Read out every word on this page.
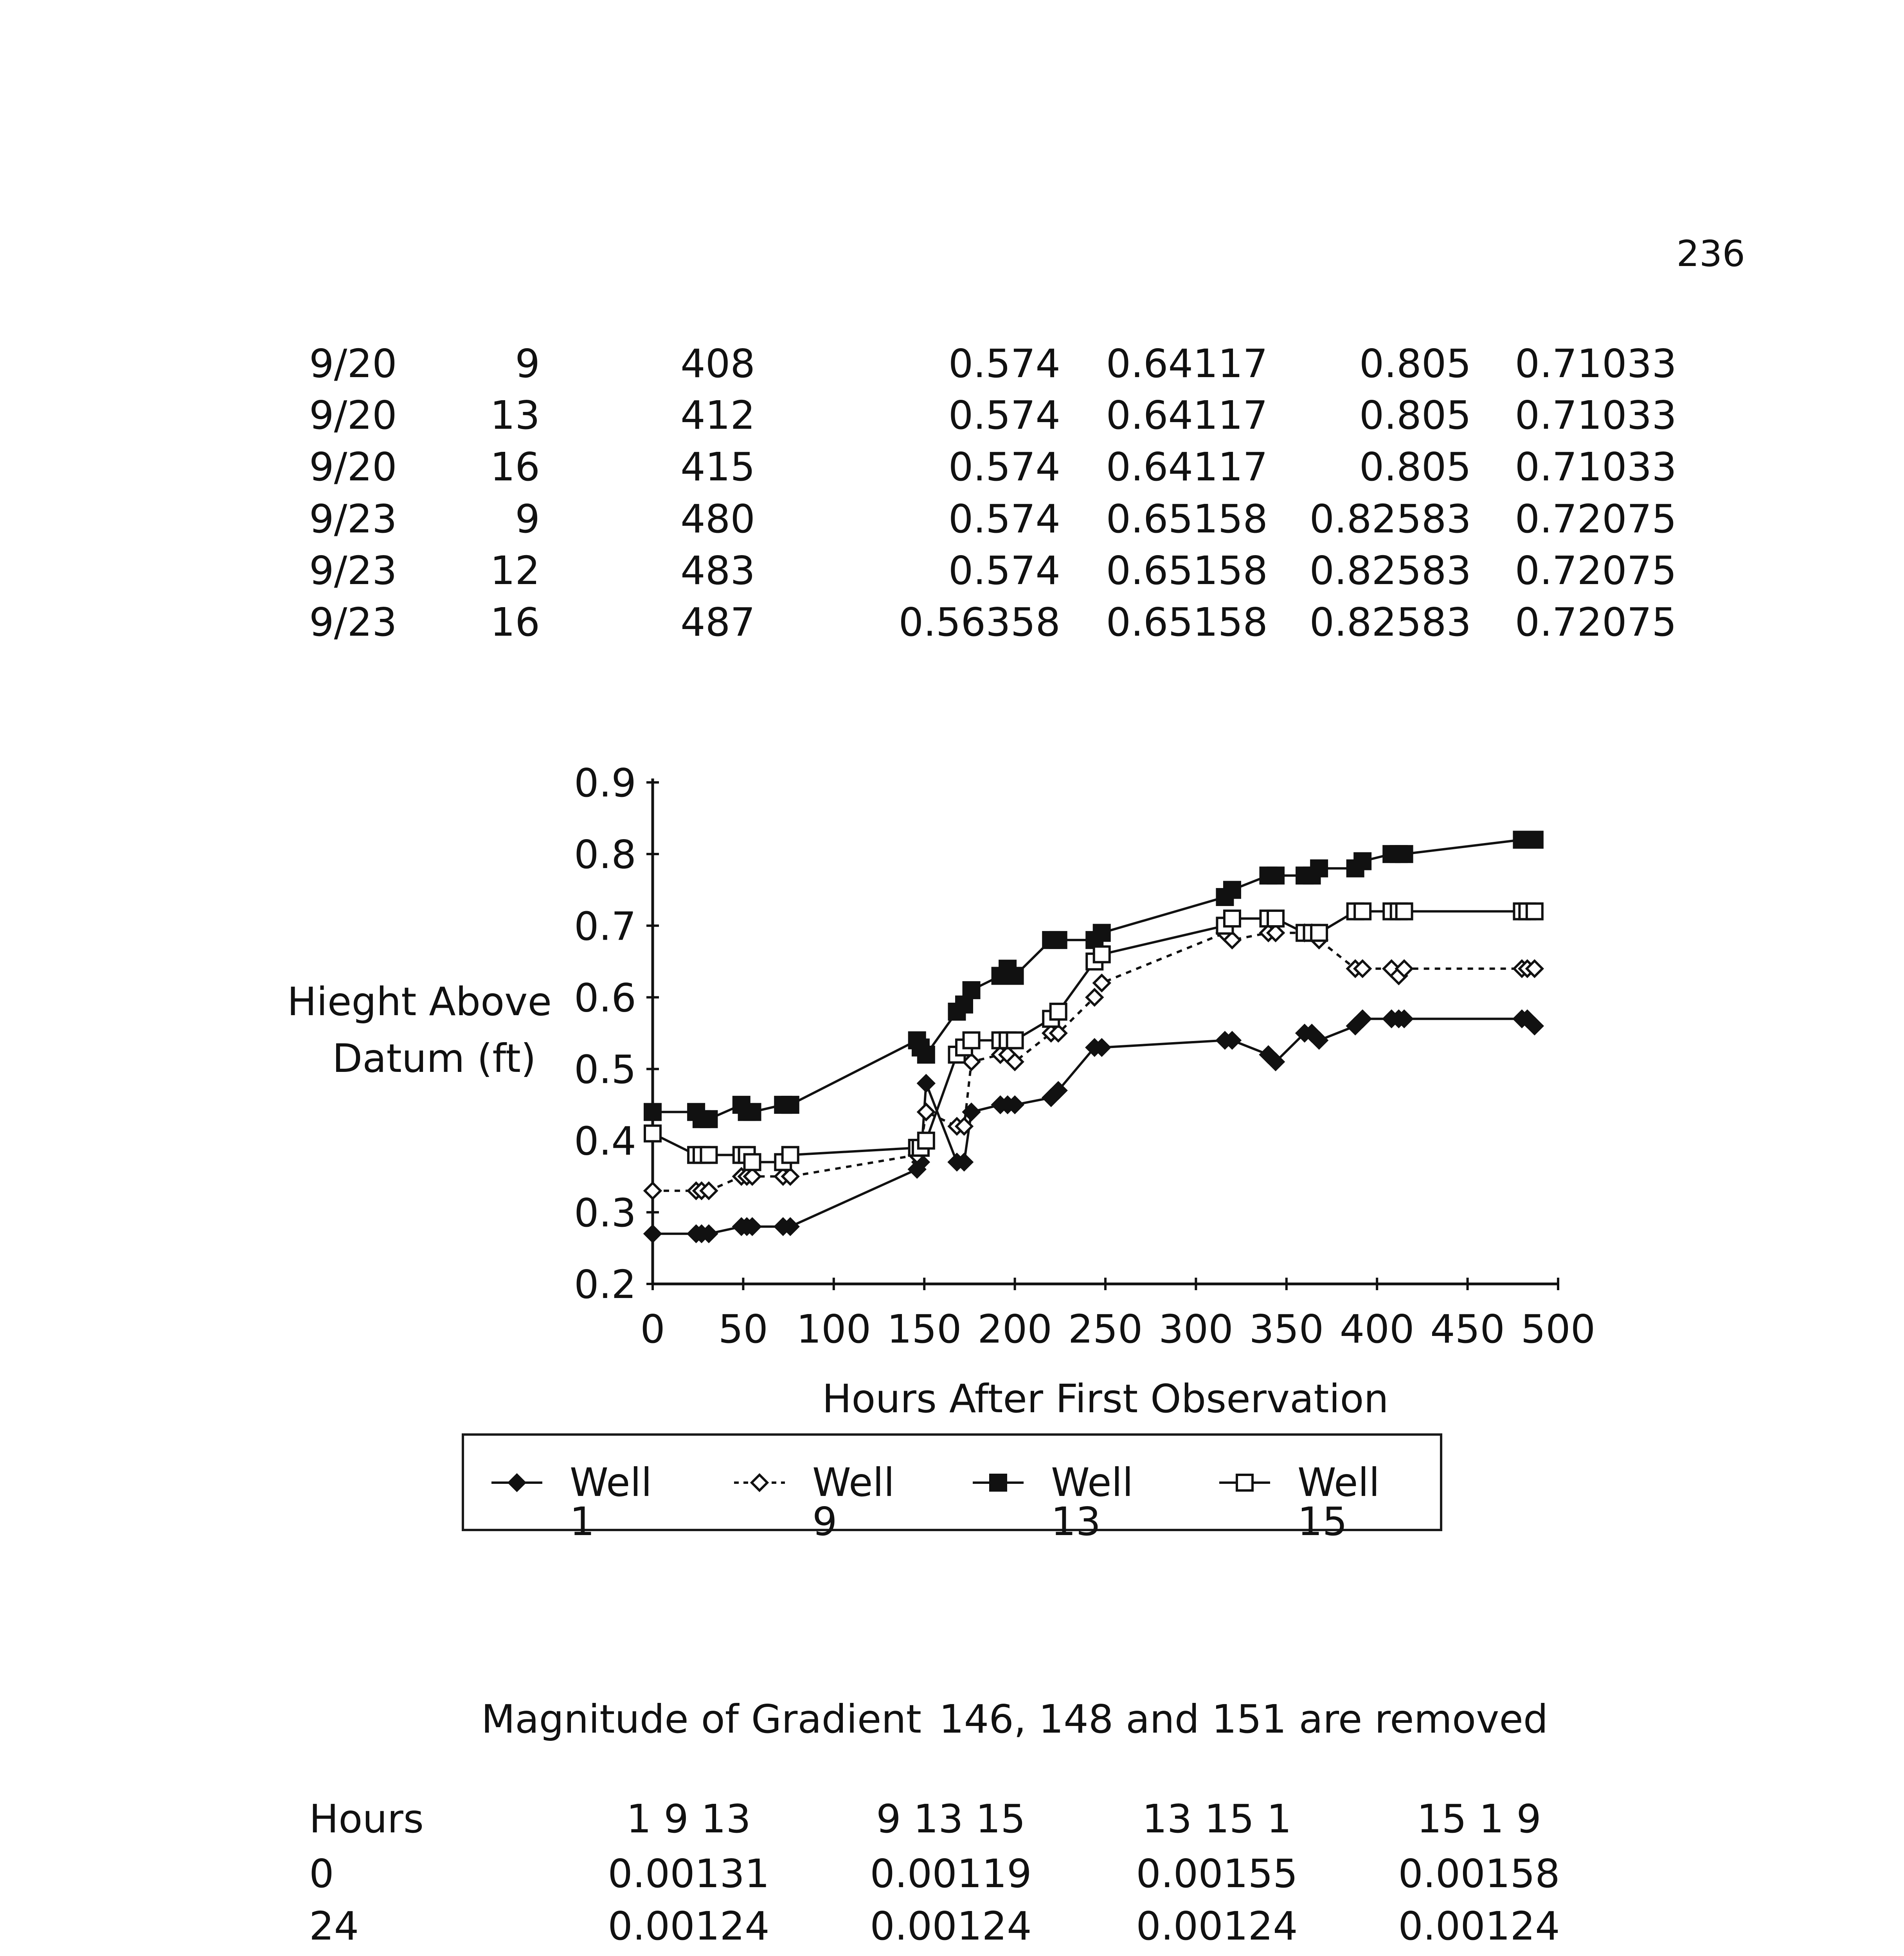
236
9/20	9	408	0.574	0.64117	0.805	0.71033
9/20	13	412	0.574	0.64117	0.805	0.71033
9/20	16	415	0.574	0.64117	0.805	0.71033
9/23	9	480	0.574	0.65158	0.82583	0.72075
9/23	12	483	0.574	0.65158	0.82583	0.72075
9/23	16	487	0.56358	0.65158	0.82583	0.72075
0.9
0.8
0.7
0.6
0.5
0.4
0.3
0.2
0 50 100 150 200 250 300 350 400 450 500
Hieght Above
Datum (ft)
Hours After First Observation
Well 1
Well 9
Well 13
Well 15
Magnitude of Gradient 146, 148 and 151 are removed
Hours	1 9 13	9 13 15	13 15 1	15 1 9
0	0.00131	0.00119	0.00155	0.00158
24	0.00124	0.00124	0.00124	0.00124
